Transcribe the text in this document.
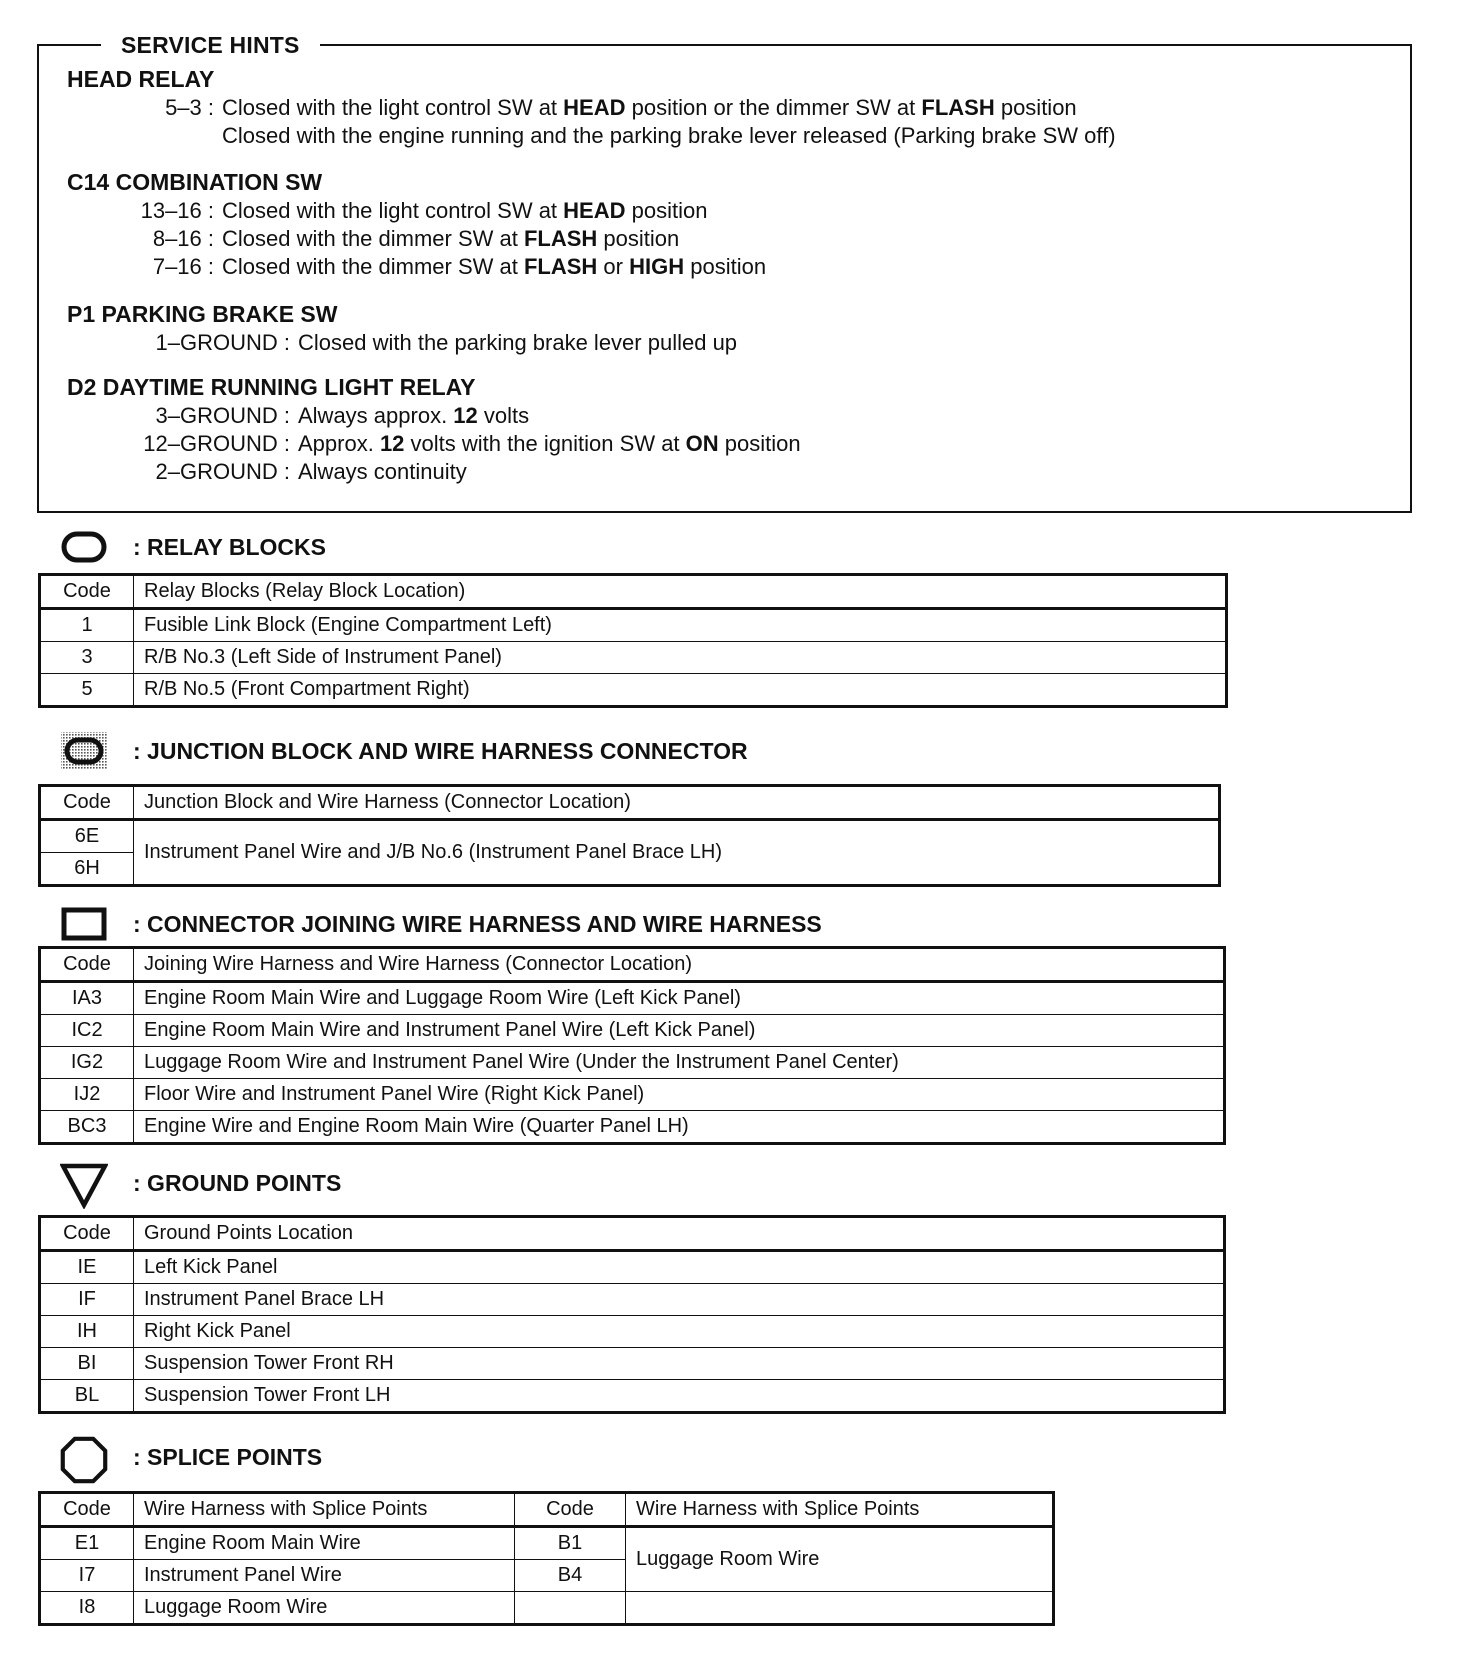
SERVICE HINTS
HEAD RELAY
5–3 : Closed with the light control SW at HEAD position or the dimmer SW at FLASH position
Closed with the engine running and the parking brake lever released (Parking brake SW off)
C14 COMBINATION SW
13–16 : Closed with the light control SW at HEAD position
8–16 : Closed with the dimmer SW at FLASH position
7–16 : Closed with the dimmer SW at FLASH or HIGH position
P1 PARKING BRAKE SW
1–GROUND : Closed with the parking brake lever pulled up
D2 DAYTIME RUNNING LIGHT RELAY
3–GROUND : Always approx. 12 volts
12–GROUND : Approx. 12 volts with the ignition SW at ON position
2–GROUND : Always continuity
: RELAY BLOCKS
Code	Relay Blocks (Relay Block Location)
1	Fusible Link Block (Engine Compartment Left)
3	R/B No.3 (Left Side of Instrument Panel)
5	R/B No.5 (Front Compartment Right)
: JUNCTION BLOCK AND WIRE HARNESS CONNECTOR
Code	Junction Block and Wire Harness (Connector Location)
6E	Instrument Panel Wire and J/B No.6 (Instrument Panel Brace LH)
6H	
: CONNECTOR JOINING WIRE HARNESS AND WIRE HARNESS
Code	Joining Wire Harness and Wire Harness (Connector Location)
IA3	Engine Room Main Wire and Luggage Room Wire (Left Kick Panel)
IC2	Engine Room Main Wire and Instrument Panel Wire (Left Kick Panel)
IG2	Luggage Room Wire and Instrument Panel Wire (Under the Instrument Panel Center)
IJ2	Floor Wire and Instrument Panel Wire (Right Kick Panel)
BC3	Engine Wire and Engine Room Main Wire (Quarter Panel LH)
: GROUND POINTS
Code	Ground Points Location
IE	Left Kick Panel
IF	Instrument Panel Brace LH
IH	Right Kick Panel
BI	Suspension Tower Front RH
BL	Suspension Tower Front LH
: SPLICE POINTS
Code	Wire Harness with Splice Points	Code	Wire Harness with Splice Points
E1	Engine Room Main Wire	B1	Luggage Room Wire
I7	Instrument Panel Wire	B4	
I8	Luggage Room Wire		
